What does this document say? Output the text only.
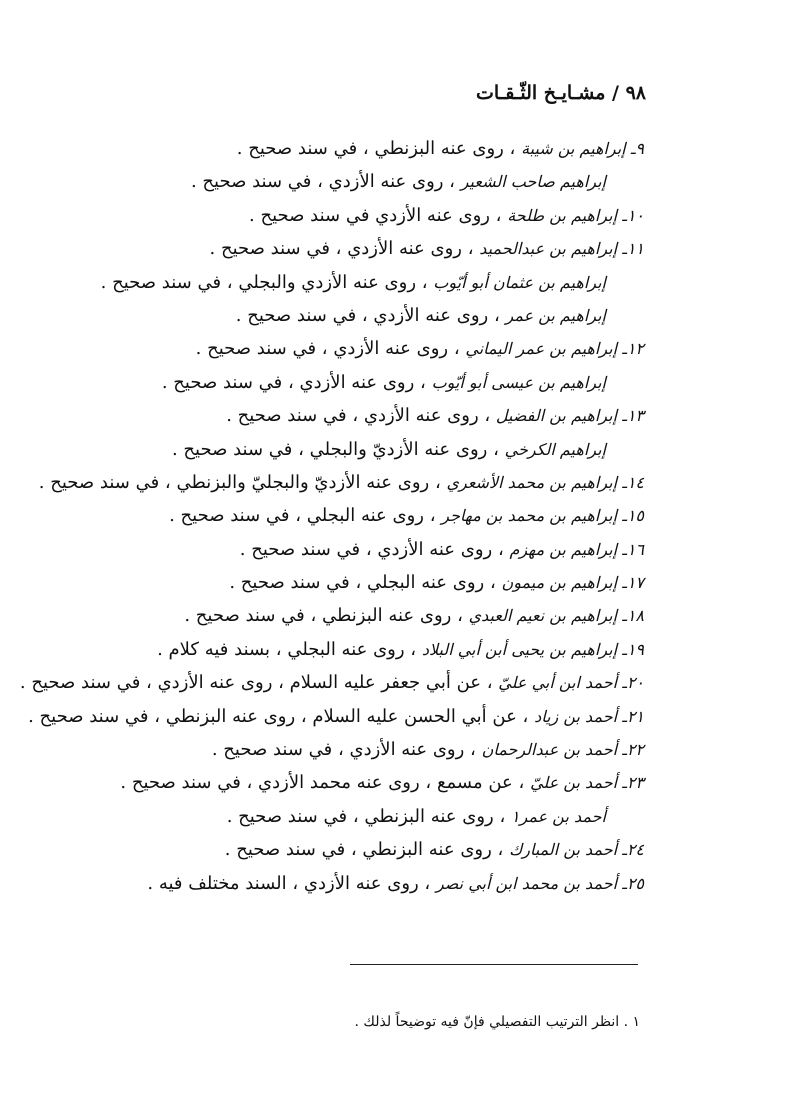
٩٨ / مشـايـخ الثّـقـات
٩ـ إبراهيم بن شيبة ، روى عنه البزنطي ، في سند صحيح .
إبراهيم صاحب الشعير ، روى عنه الأزدي ، في سند صحيح .
١٠ـ إبراهيم بن طلحة ، روى عنه الأزدي في سند صحيح .
١١ـ إبراهيم بن عبدالحميد ، روى عنه الأزدي ، في سند صحيح .
إبراهيم بن عثمان أبو أيّوب ، روى عنه الأزدي والبجلي ، في سند صحيح .
إبراهيم بن عمر ، روى عنه الأزدي ، في سند صحيح .
١٢ـ إبراهيم بن عمر اليماني ، روى عنه الأزدي ، في سند صحيح .
إبراهيم بن عيسى أبو أيّوب ، روى عنه الأزدي ، في سند صحيح .
١٣ـ إبراهيم بن الفضيل ، روى عنه الأزدي ، في سند صحيح .
إبراهيم الكرخي ، روى عنه الأزديّ والبجلي ، في سند صحيح .
١٤ـ إبراهيم بن محمد الأشعري ، روى عنه الأزديّ والبجليّ والبزنطي ، في سند صحيح .
١٥ـ إبراهيم بن محمد بن مهاجر ، روى عنه البجلي ، في سند صحيح .
١٦ـ إبراهيم بن مهزم ، روى عنه الأزدي ، في سند صحيح .
١٧ـ إبراهيم بن ميمون ، روى عنه البجلي ، في سند صحيح .
١٨ـ إبراهيم بن نعيم العبدي ، روى عنه البزنطي ، في سند صحيح .
١٩ـ إبراهيم بن يحيى أبن أبي البلاد ، روى عنه البجلي ، بسند فيه كلام .
٢٠ـ أحمد ابن أبي عليّ ، عن أبي جعفر عليه السلام ، روى عنه الأزدي ، في سند صحيح .
٢١ـ أحمد بن زياد ، عن أبي الحسن عليه السلام ، روى عنه البزنطي ، في سند صحيح .
٢٢ـ أحمد بن عبدالرحمان ، روى عنه الأزدي ، في سند صحيح .
٢٣ـ أحمد بن عليّ ، عن مسمع ، روى عنه محمد الأزدي ، في سند صحيح .
أحمد بن عمر١ ، روى عنه البزنطي ، في سند صحيح .
٢٤ـ أحمد بن المبارك ، روى عنه البزنطي ، في سند صحيح .
٢٥ـ أحمد بن محمد ابن أبي نصر ، روى عنه الأزدي ، السند مختلف فيه .
١ . انظر الترتيب التفصيلي فإنّ فيه توضيحاً لذلك .
